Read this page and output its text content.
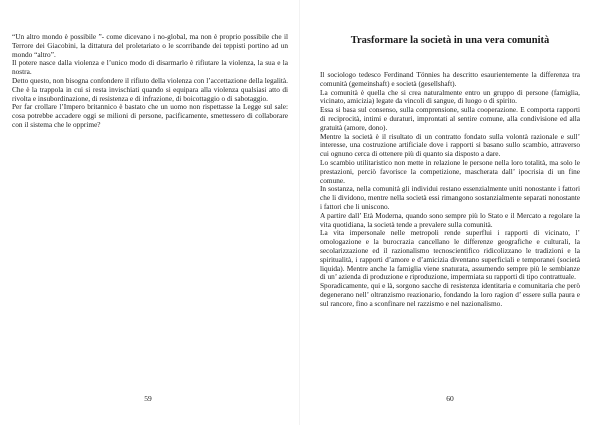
“Un altro mondo è possibile ”- come dicevano i no-global, ma non è proprio possibile che il Terrore dei Giacobini, la dittatura del proletariato o le scorribande dei teppisti portino ad un mondo “altro”.

Il potere nasce dalla violenza e l’unico modo di disarmarlo è rifiutare la violenza, la sua e la nostra.

Detto questo, non bisogna confondere il rifiuto della violenza con l’accettazione della legalità. Che è la trappola in cui si resta invischiati quando si equipara alla violenza qualsiasi atto di rivolta e insubordinazione, di resistenza e di infrazione, di boicottaggio o di sabotaggio.

Per far crollare l’Impero britannico è bastato che un uomo non rispettasse la Legge sul sale: cosa potrebbe accadere oggi se milioni di persone, pacificamente, smettessero di collaborare con il sistema che le opprime?

59
Trasformare la società in una vera comunità

Il sociologo tedesco Ferdinand Tönnies ha descritto esaurientemente la differenza tra comunità (gemeinshaft) e società (gesellshaft).

La comunità è quella che si crea naturalmente entro un gruppo di persone (famiglia, vicinato, amicizia) legate da vincoli di sangue, di luogo o di spirito.

Essa si basa sul consenso, sulla comprensione, sulla cooperazione. E comporta rapporti di reciprocità, intimi e duraturi, improntati al sentire comune, alla condivisione ed alla gratuità (amore, dono).

Mentre la società è il risultato di un contratto fondato sulla volontà razionale e sull’ interesse, una costruzione artificiale dove i rapporti si basano sullo scambio, attraverso cui ognuno cerca di ottenere più di quanto sia disposto a dare.

Lo scambio utilitaristico non mette in relazione le persone nella loro totalità, ma solo le prestazioni, perciò favorisce la competizione, mascherata dall’ ipocrisia di un fine comune.

In sostanza, nella comunità gli individui restano essenzialmente uniti nonostante i fattori che li dividono, mentre nella società essi rimangono sostanzialmente separati nonostante i fattori che li uniscono.

A partire dall’ Età Moderna, quando sono sempre più lo Stato e il Mercato a regolare la vita quotidiana, la società tende a prevalere sulla comunità.

La vita impersonale nelle metropoli rende superflui i rapporti di vicinato, l’ omologazione e la burocrazia cancellano le differenze geografiche e culturali, la secolarizzazione ed il razionalismo tecnoscientifico ridicolizzano le tradizioni e la spiritualità, i rapporti d’amore e d’amicizia diventano superficiali e temporanei (società liquida). Mentre anche la famiglia viene snaturata, assumendo sempre più le sembianze di un’ azienda di produzione e riproduzione, impermiata su rapporti di tipo contrattuale.

Sporadicamente, qui e là, sorgono sacche di resistenza identitaria e comunitaria che però degenerano nell’ oltranzismo reazionario, fondando la loro ragion d’ essere sulla paura e sul rancore, fino a sconfinare nel razzismo e nel nazionalismo.

60
